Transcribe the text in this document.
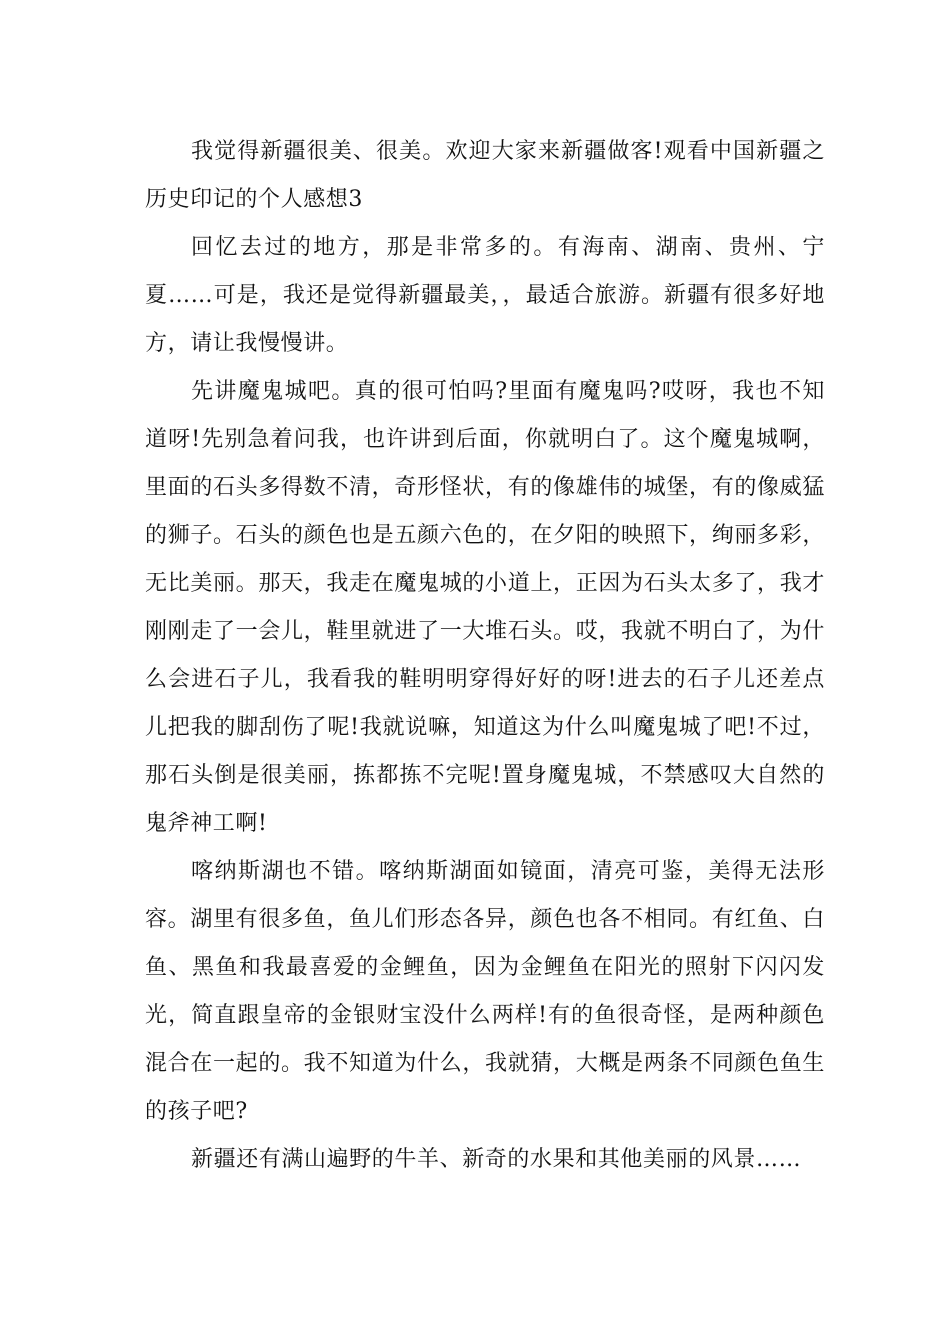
我觉得新疆很美、很美。欢迎大家来新疆做客!观看中国新疆之历史印记的个人感想3

回忆去过的地方，那是非常多的。有海南、湖南、贵州、宁夏……可是，我还是觉得新疆最美，，最适合旅游。新疆有很多好地方，请让我慢慢讲。

先讲魔鬼城吧。真的很可怕吗?里面有魔鬼吗?哎呀，我也不知道呀!先别急着问我，也许讲到后面，你就明白了。这个魔鬼城啊，里面的石头多得数不清，奇形怪状，有的像雄伟的城堡，有的像威猛的狮子。石头的颜色也是五颜六色的，在夕阳的映照下，绚丽多彩，无比美丽。那天，我走在魔鬼城的小道上，正因为石头太多了，我才刚刚走了一会儿，鞋里就进了一大堆石头。哎，我就不明白了，为什么会进石子儿，我看我的鞋明明穿得好好的呀!进去的石子儿还差点儿把我的脚刮伤了呢!我就说嘛，知道这为什么叫魔鬼城了吧!不过，那石头倒是很美丽，拣都拣不完呢!置身魔鬼城，不禁感叹大自然的鬼斧神工啊!

喀纳斯湖也不错。喀纳斯湖面如镜面，清亮可鉴，美得无法形容。湖里有很多鱼，鱼儿们形态各异，颜色也各不相同。有红鱼、白鱼、黑鱼和我最喜爱的金鲤鱼，因为金鲤鱼在阳光的照射下闪闪发光，简直跟皇帝的金银财宝没什么两样!有的鱼很奇怪，是两种颜色混合在一起的。我不知道为什么，我就猜，大概是两条不同颜色鱼生的孩子吧?

新疆还有满山遍野的牛羊、新奇的水果和其他美丽的风景……
